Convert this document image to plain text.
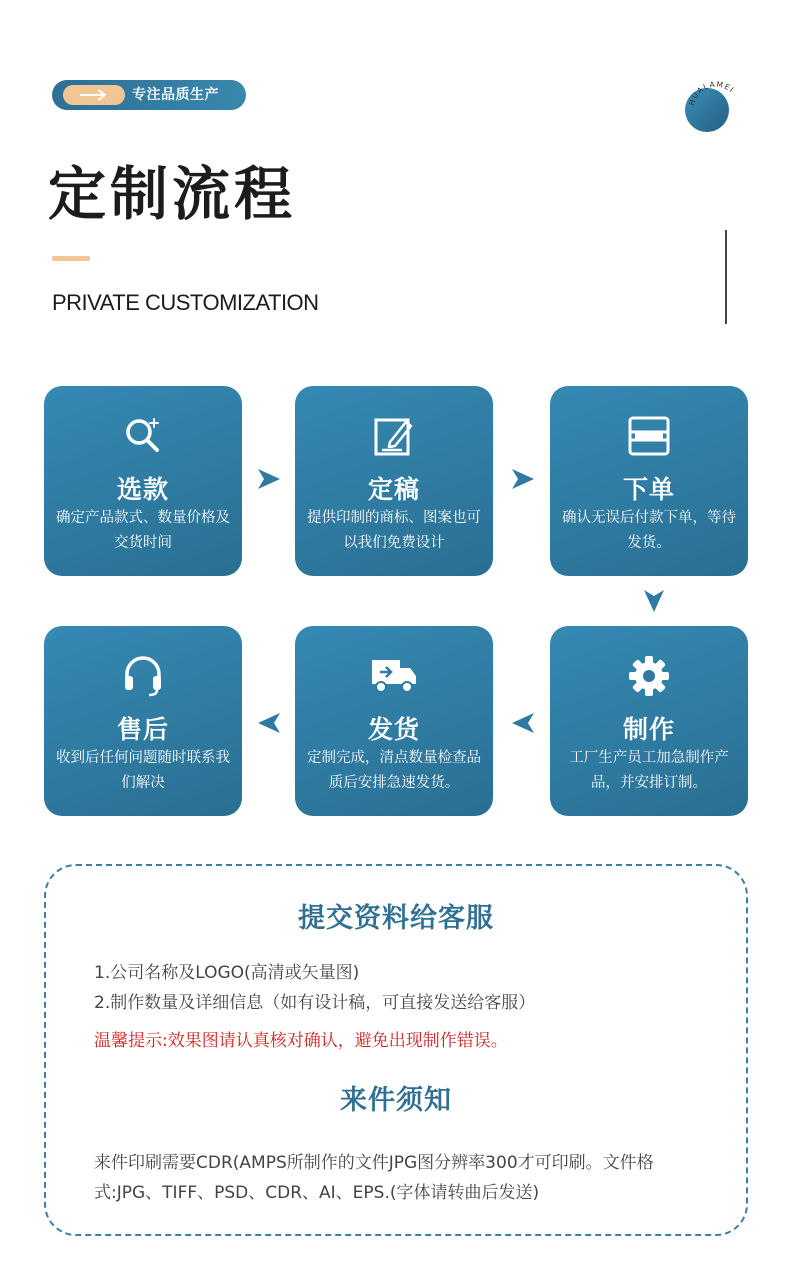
专注品质生产	HUALAMEI
定制流程
PRIVATE CUSTOMIZATION
选款
确定产品款式、数量价格及交货时间
定稿
提供印制的商标、图案也可以我们免费设计
下单
确认无误后付款下单，等待发货。
售后
收到后任何问题随时联系我们解决
发货
定制完成，清点数量检查品质后安排急速发货。
制作
工厂生产员工加急制作产品，并安排订制。
提交资料给客服
1.公司名称及LOGO(高清或矢量图)
2.制作数量及详细信息（如有设计稿，可直接发送给客服）
温馨提示:效果图请认真核对确认，避免出现制作错误。
来件须知
来件印刷需要CDR(AMPS所制作的文件JPG图分辨率300才可印刷。文件格式:JPG、TIFF、PSD、CDR、AI、EPS.(字体请转曲后发送)
